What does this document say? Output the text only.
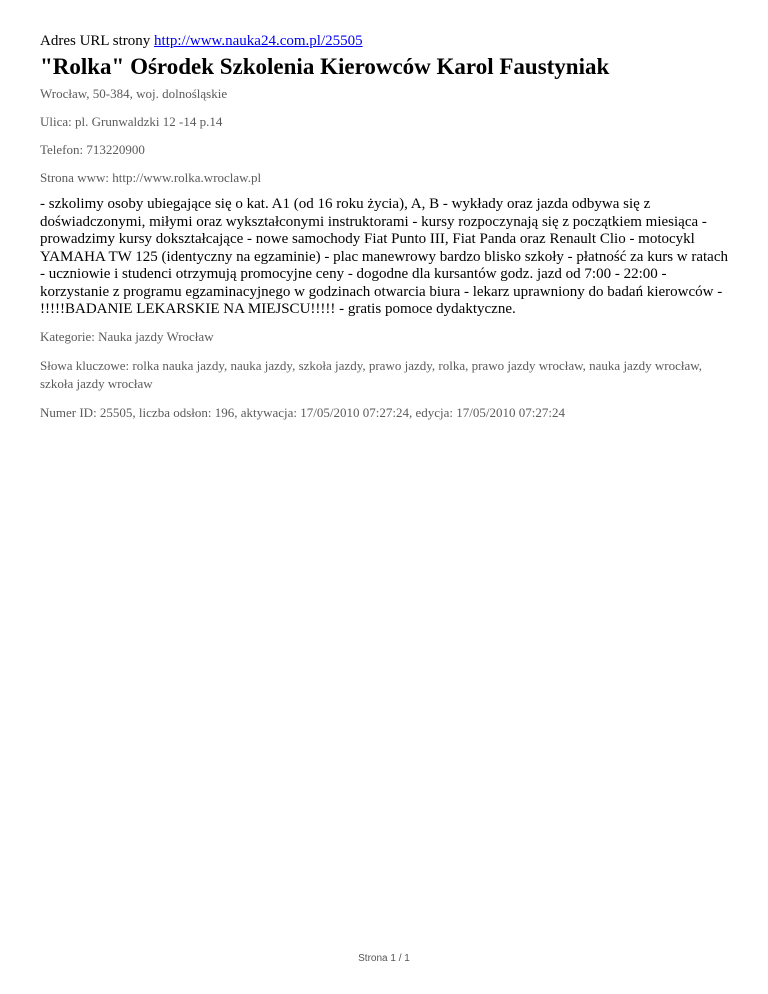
Adres URL strony http://www.nauka24.com.pl/25505

"Rolka" Ośrodek Szkolenia Kierowców Karol Faustyniak

Wrocław, 50-384, woj. dolnośląskie

Ulica: pl. Grunwaldzki 12 -14 p.14

Telefon: 713220900

Strona www: http://www.rolka.wroclaw.pl

- szkolimy osoby ubiegające się o kat. A1 (od 16 roku życia), A, B - wykłady oraz jazda odbywa się z doświadczonymi, miłymi oraz wykształconymi instruktorami - kursy rozpoczynają się z początkiem miesiąca - prowadzimy kursy dokształcające - nowe samochody Fiat Punto III, Fiat Panda oraz Renault Clio - motocykl YAMAHA TW 125 (identyczny na egzaminie) - plac manewrowy bardzo blisko szkoły - płatność za kurs w ratach - uczniowie i studenci otrzymują promocyjne ceny - dogodne dla kursantów godz. jazd od 7:00 - 22:00 - korzystanie z programu egzaminacyjnego w godzinach otwarcia biura - lekarz uprawniony do badań kierowców - !!!!!BADANIE LEKARSKIE NA MIEJSCU!!!!! - gratis pomoce dydaktyczne.

Kategorie: Nauka jazdy Wrocław

Słowa kluczowe: rolka nauka jazdy, nauka jazdy, szkoła jazdy, prawo jazdy, rolka, prawo jazdy wrocław, nauka jazdy wrocław, szkoła jazdy wrocław

Numer ID: 25505, liczba odsłon: 196, aktywacja: 17/05/2010 07:27:24, edycja: 17/05/2010 07:27:24

Strona 1 / 1
